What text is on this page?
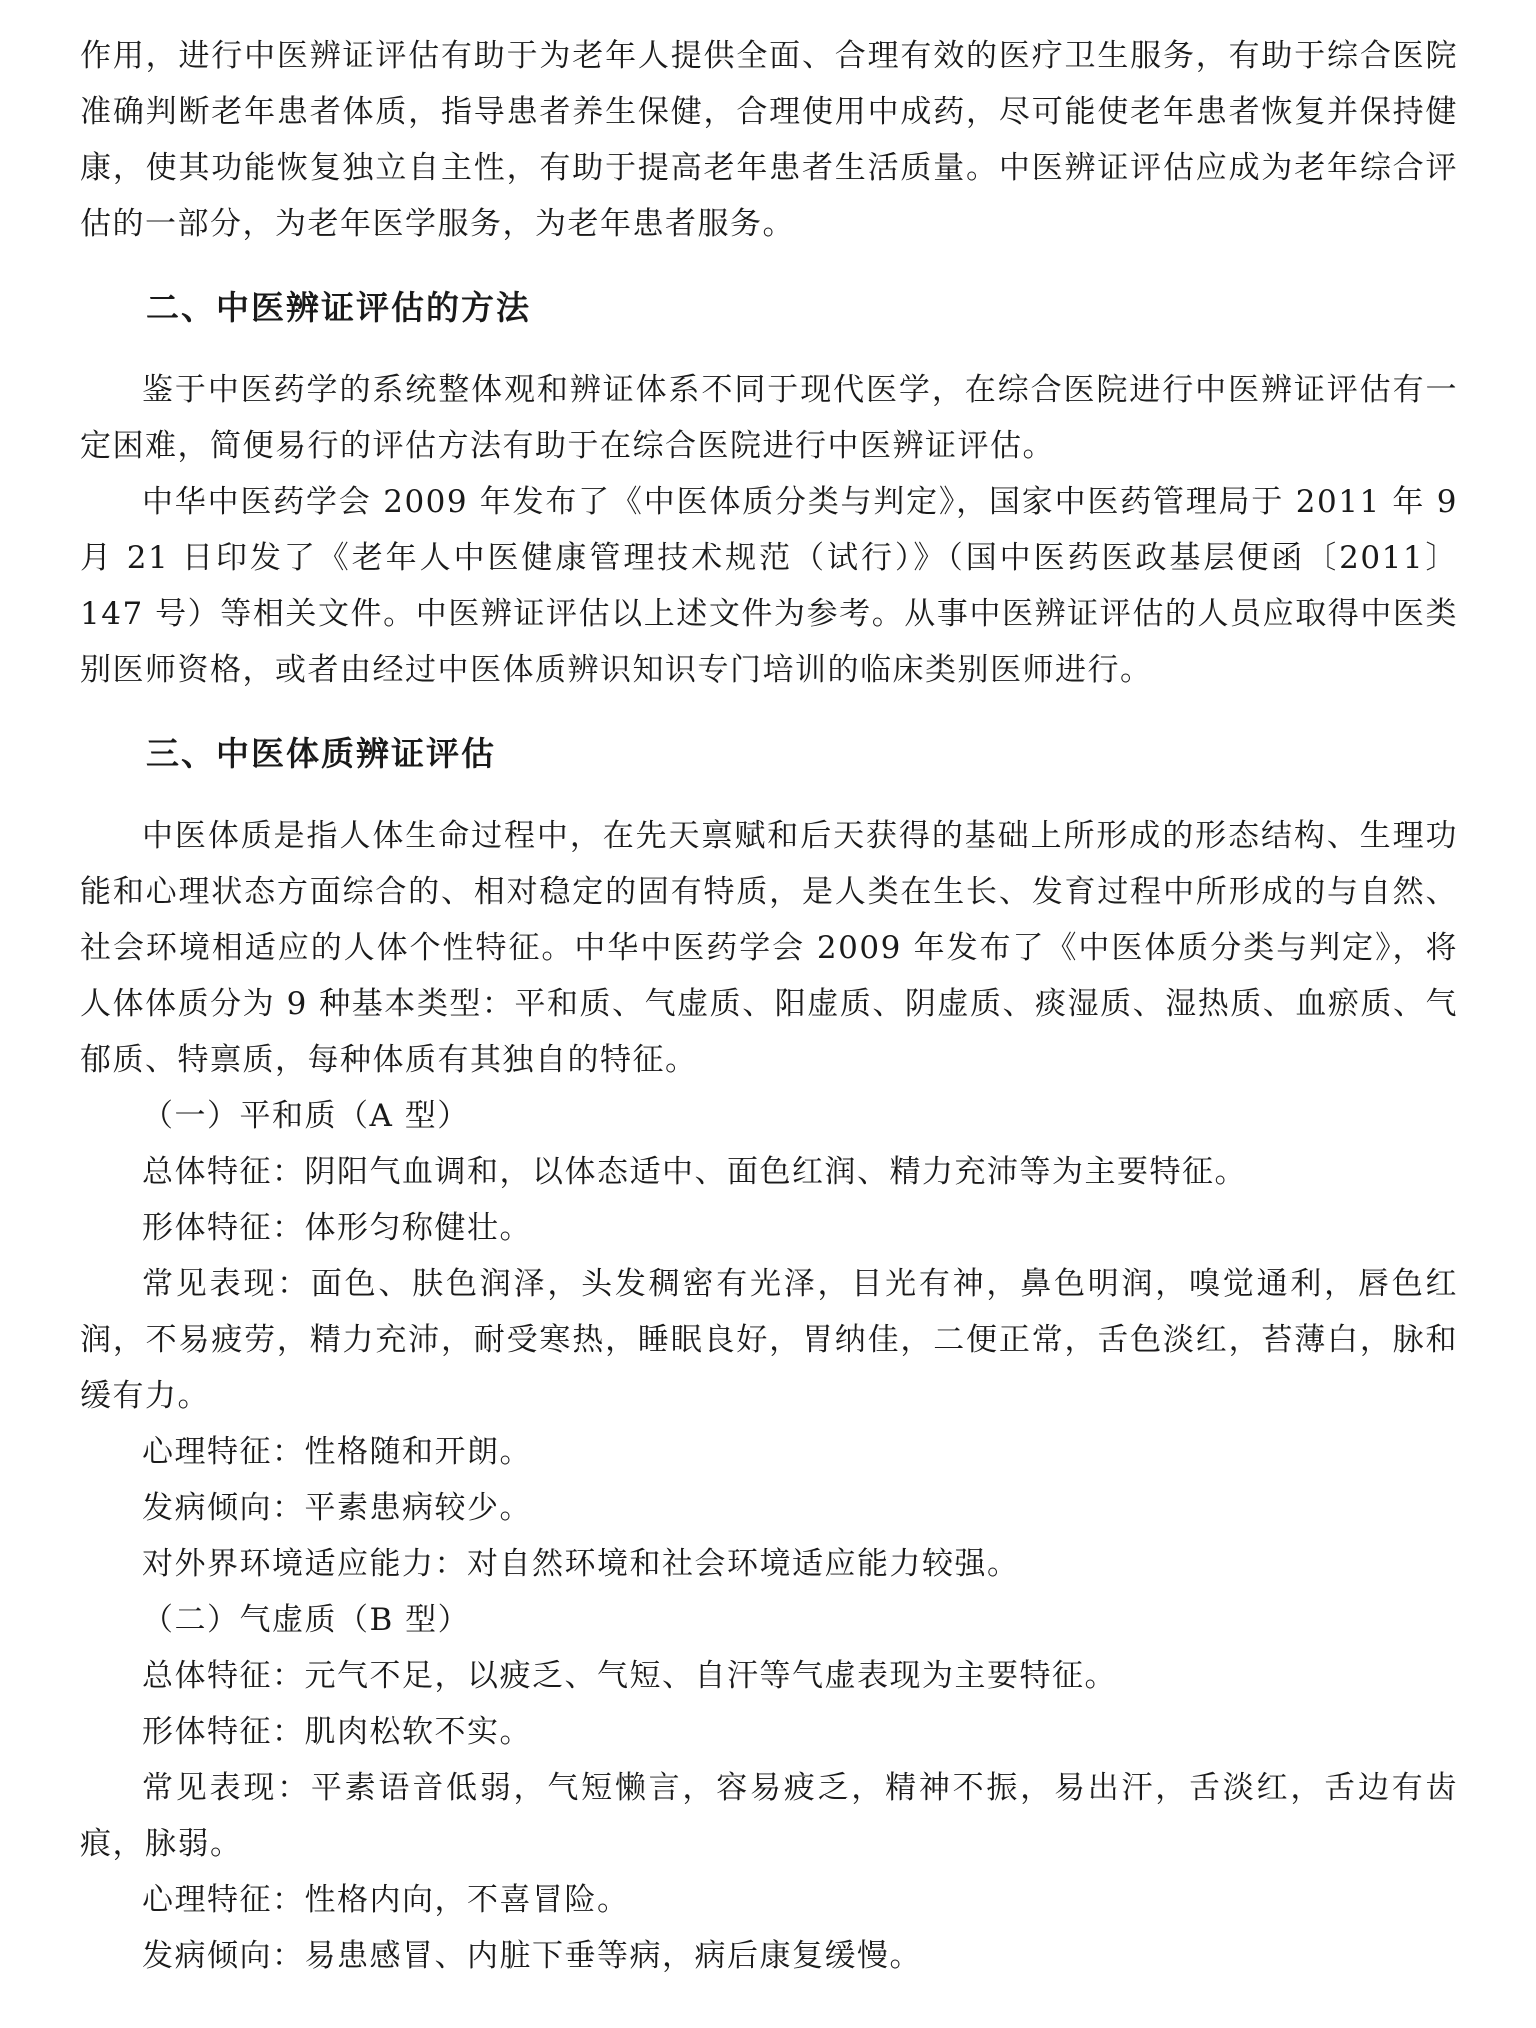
作用，进行中医辨证评估有助于为老年人提供全面、合理有效的医疗卫生服务，有助于综合医院准确判断老年患者体质，指导患者养生保健，合理使用中成药，尽可能使老年患者恢复并保持健康，使其功能恢复独立自主性，有助于提高老年患者生活质量。中医辨证评估应成为老年综合评估的一部分，为老年医学服务，为老年患者服务。

二、中医辨证评估的方法

鉴于中医药学的系统整体观和辨证体系不同于现代医学，在综合医院进行中医辨证评估有一定困难，简便易行的评估方法有助于在综合医院进行中医辨证评估。

中华中医药学会 2009 年发布了《中医体质分类与判定》，国家中医药管理局于 2011 年 9 月 21 日印发了《老年人中医健康管理技术规范（试行）》（国中医药医政基层便函〔2011〕147 号）等相关文件。中医辨证评估以上述文件为参考。从事中医辨证评估的人员应取得中医类别医师资格，或者由经过中医体质辨识知识专门培训的临床类别医师进行。

三、中医体质辨证评估

中医体质是指人体生命过程中，在先天禀赋和后天获得的基础上所形成的形态结构、生理功能和心理状态方面综合的、相对稳定的固有特质，是人类在生长、发育过程中所形成的与自然、社会环境相适应的人体个性特征。中华中医药学会 2009 年发布了《中医体质分类与判定》，将人体体质分为 9 种基本类型：平和质、气虚质、阳虚质、阴虚质、痰湿质、湿热质、血瘀质、气郁质、特禀质，每种体质有其独自的特征。

（一）平和质（A 型）

总体特征：阴阳气血调和，以体态适中、面色红润、精力充沛等为主要特征。

形体特征：体形匀称健壮。

常见表现：面色、肤色润泽，头发稠密有光泽，目光有神，鼻色明润，嗅觉通利，唇色红润，不易疲劳，精力充沛，耐受寒热，睡眠良好，胃纳佳，二便正常，舌色淡红，苔薄白，脉和缓有力。

心理特征：性格随和开朗。

发病倾向：平素患病较少。

对外界环境适应能力：对自然环境和社会环境适应能力较强。

（二）气虚质（B 型）

总体特征：元气不足，以疲乏、气短、自汗等气虚表现为主要特征。

形体特征：肌肉松软不实。

常见表现：平素语音低弱，气短懒言，容易疲乏，精神不振，易出汗，舌淡红，舌边有齿痕，脉弱。

心理特征：性格内向，不喜冒险。

发病倾向：易患感冒、内脏下垂等病，病后康复缓慢。
